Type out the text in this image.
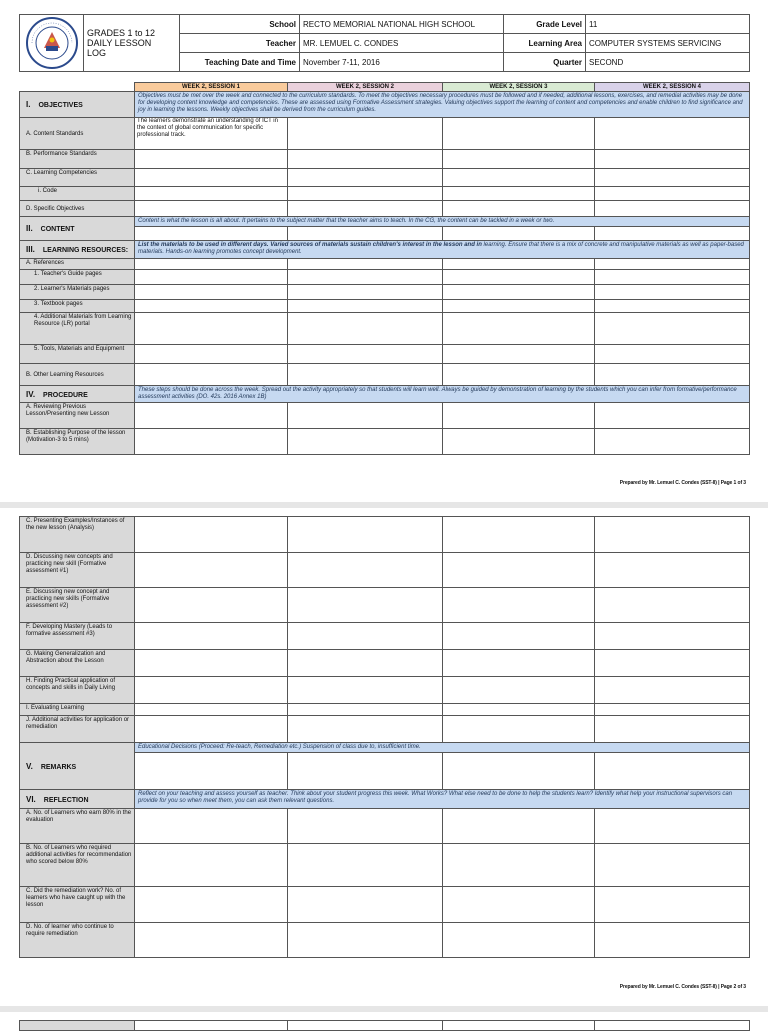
GRADES 1 to 12
DAILY LESSON
LOG	School	RECTO MEMORIAL NATIONAL HIGH SCHOOL	Grade Level	11
		Teacher	MR. LEMUEL C. CONDES	Learning Area	COMPUTER SYSTEMS SERVICING
		Teaching Date and Time	November 7-11, 2016	Quarter	SECOND
	WEEK 2, SESSION 1	WEEK 2, SESSION 2	WEEK 2, SESSION 3	WEEK 2, SESSION 4
I. OBJECTIVES	Objectives must be met over the week and connected to the curriculum standards. To meet the objectives necessary procedures must be followed and if needed, additional lessons, exercises, and remedial activities may be done for developing content knowledge and competencies. These are assessed using Formative Assessment strategies. Valuing objectives support the learning of content and competencies and enable children to find significance and joy in learning the lessons. Weekly objectives shall be derived from the curriculum guides.			
A. Content Standards	The learners demonstrate an understanding of ICT in the context of global communication for specific professional track.			
B. Performance Standards				
C. Learning Competencies				
i. Code				
D. Specific Objectives				
II. CONTENT	Content is what the lesson is all about. It pertains to the subject matter that the teacher aims to teach. In the CG, the content can be tackled in a week or two.			

III. LEARNING RESOURCES:	List the materials to be used in different days. Varied sources of materials sustain children's interest in the lesson and in learning. Ensure that there is a mix of concrete and manipulative materials as well as paper-based materials. Hands-on learning promotes concept development.			
A. References				
1. Teacher's Guide pages				
2. Learner's Materials pages				
3. Textbook pages				
4. Additional Materials from Learning Resource (LR) portal				
5. Tools, Materials and Equipment				
B. Other Learning Resources				
IV. PROCEDURE	These steps should be done across the week. Spread out the activity appropriately so that students will learn well. Always be guided by demonstration of learning by the students which you can infer from formative/performance assessment activities (DO. 42s. 2016 Annex 1B)			
A. Reviewing Previous Lesson/Presenting new Lesson				
B. Establishing Purpose of the lesson (Motivation-3 to 5 mins)				
Prepared by Mr. Lemuel C. Condes (SST-II) | Page 1 of 3
C. Presenting Examples/Instances of the new lesson (Analysis)				
D. Discussing new concepts and practicing new skill (Formative assessment #1)				
E. Discussing new concept and practicing new skills (Formative assessment #2)				
F. Developing Mastery (Leads to formative assessment #3)				
G. Making Generalization and Abstraction about the Lesson				
H. Finding Practical application of concepts and skills in Daily Living				
I. Evaluating Learning				
J. Additional activities for application or remediation				
V. REMARKS	Educational Decisions (Proceed: Re-teach, Remediation etc.) Suspension of class due to, insufficient time.			

VI. REFLECTION	Reflect on your teaching and assess yourself as teacher. Think about your student progress this week. What Works? What else need to be done to help the students learn? Identify what help your instructional supervisors can provide for you so when meet them, you can ask them relevant questions.			
A. No. of Learners who earn 80% in the evaluation				
B. No. of Learners who required additional activities for recommendation who scored below 80%				
C. Did the remediation work? No. of learners who have caught up with the lesson				
D. No. of learner who continue to require remediation				
Prepared by Mr. Lemuel C. Condes (SST-II) | Page 2 of 3
